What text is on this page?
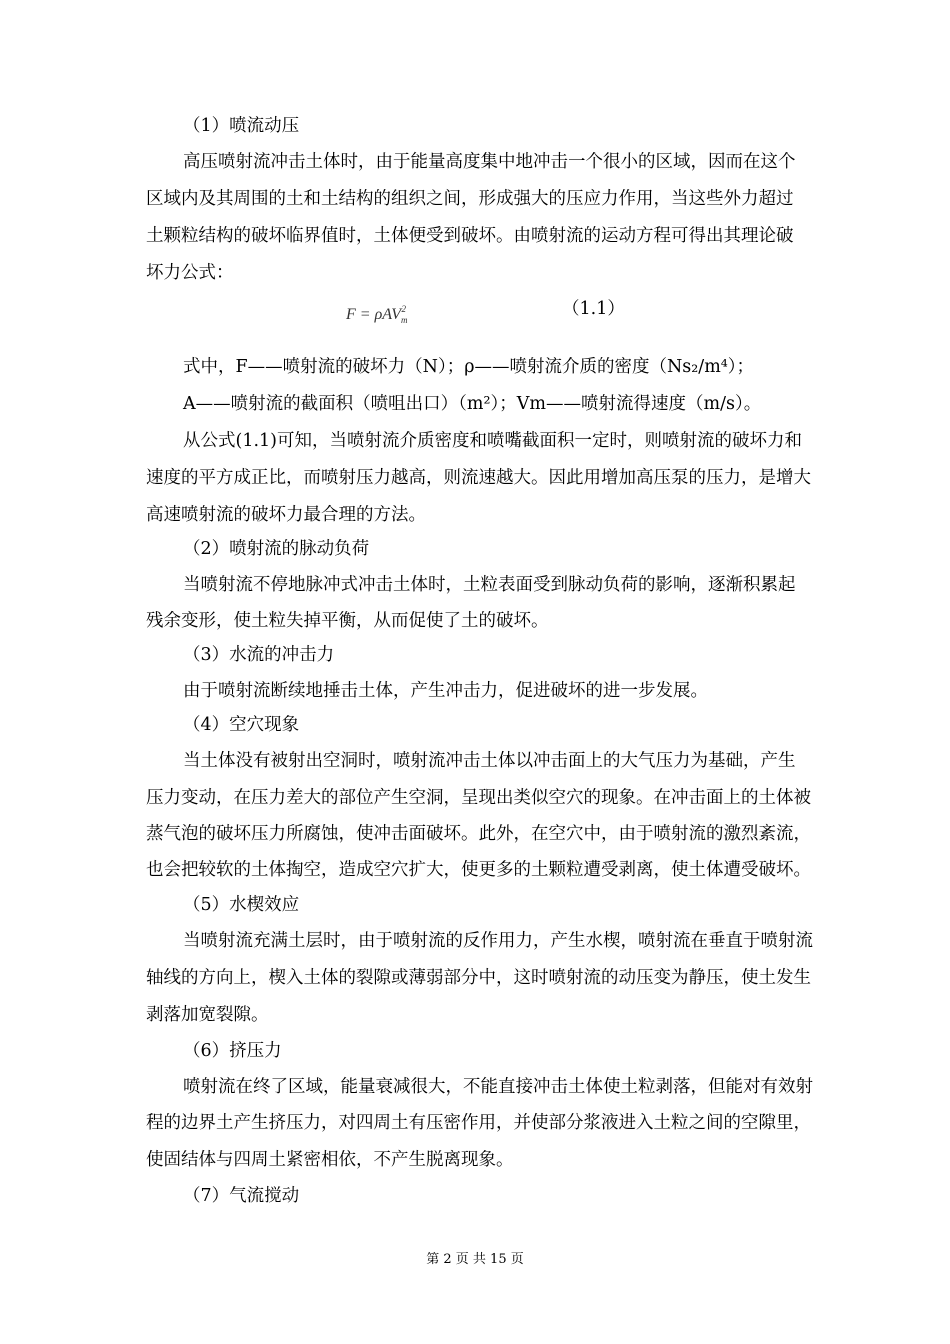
（1）喷流动压
高压喷射流冲击土体时，由于能量高度集中地冲击一个很小的区域，因而在这个
区域内及其周围的土和土结构的组织之间，形成强大的压应力作用，当这些外力超过
土颗粒结构的破坏临界值时，土体便受到破坏。由喷射流的运动方程可得出其理论破
坏力公式：
F = ρAV$_m^2$	（1.1）
式中，F——喷射流的破坏力（N）；ρ——喷射流介质的密度（Ns₂/m⁴）；
A——喷射流的截面积（喷咀出口）（m²）；Vm——喷射流得速度（m/s）。
从公式(1.1)可知，当喷射流介质密度和喷嘴截面积一定时，则喷射流的破坏力和
速度的平方成正比，而喷射压力越高，则流速越大。因此用增加高压泵的压力，是增大
高速喷射流的破坏力最合理的方法。
（2）喷射流的脉动负荷
当喷射流不停地脉冲式冲击土体时，土粒表面受到脉动负荷的影响，逐渐积累起
残余变形，使土粒失掉平衡，从而促使了土的破坏。
（3）水流的冲击力
由于喷射流断续地捶击土体，产生冲击力，促进破坏的进一步发展。
（4）空穴现象
当土体没有被射出空洞时，喷射流冲击土体以冲击面上的大气压力为基础，产生
压力变动，在压力差大的部位产生空洞，呈现出类似空穴的现象。在冲击面上的土体被
蒸气泡的破坏压力所腐蚀，使冲击面破坏。此外，在空穴中，由于喷射流的激烈紊流，
也会把较软的土体掏空，造成空穴扩大，使更多的土颗粒遭受剥离，使土体遭受破坏。
（5）水楔效应
当喷射流充满土层时，由于喷射流的反作用力，产生水楔，喷射流在垂直于喷射流
轴线的方向上，楔入土体的裂隙或薄弱部分中，这时喷射流的动压变为静压，使土发生
剥落加宽裂隙。
（6）挤压力
喷射流在终了区域，能量衰减很大，不能直接冲击土体使土粒剥落，但能对有效射
程的边界土产生挤压力，对四周土有压密作用，并使部分浆液进入土粒之间的空隙里，
使固结体与四周土紧密相依，不产生脱离现象。
（7）气流搅动
第 2 页 共 15 页
